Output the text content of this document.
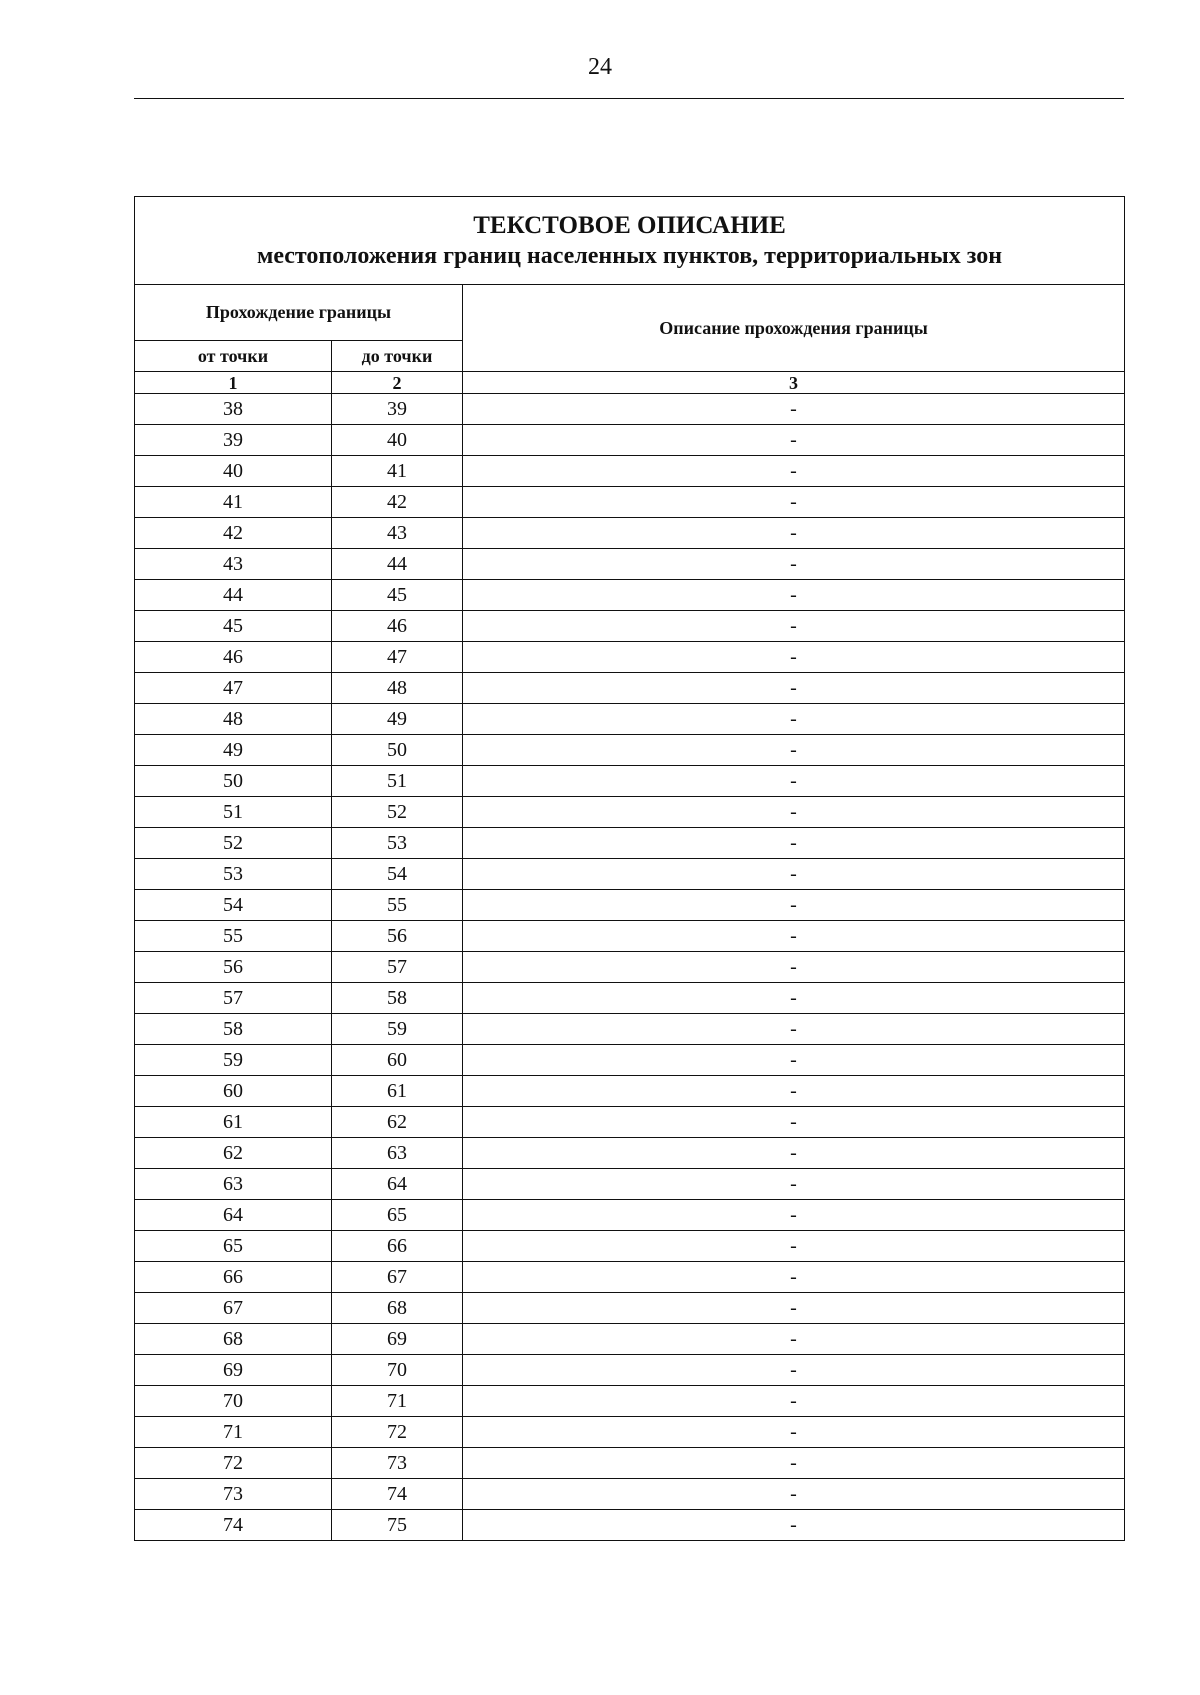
24
ТЕКСТОВОЕ ОПИСАНИЕ
местоположения границ населенных пунктов, территориальных зон		

Прохождение границы		Описание прохождения границы
от точки	до точки	
1	2	3
38	39	-
39	40	-
40	41	-
41	42	-
42	43	-
43	44	-
44	45	-
45	46	-
46	47	-
47	48	-
48	49	-
49	50	-
50	51	-
51	52	-
52	53	-
53	54	-
54	55	-
55	56	-
56	57	-
57	58	-
58	59	-
59	60	-
60	61	-
61	62	-
62	63	-
63	64	-
64	65	-
65	66	-
66	67	-
67	68	-
68	69	-
69	70	-
70	71	-
71	72	-
72	73	-
73	74	-
74	75	-
